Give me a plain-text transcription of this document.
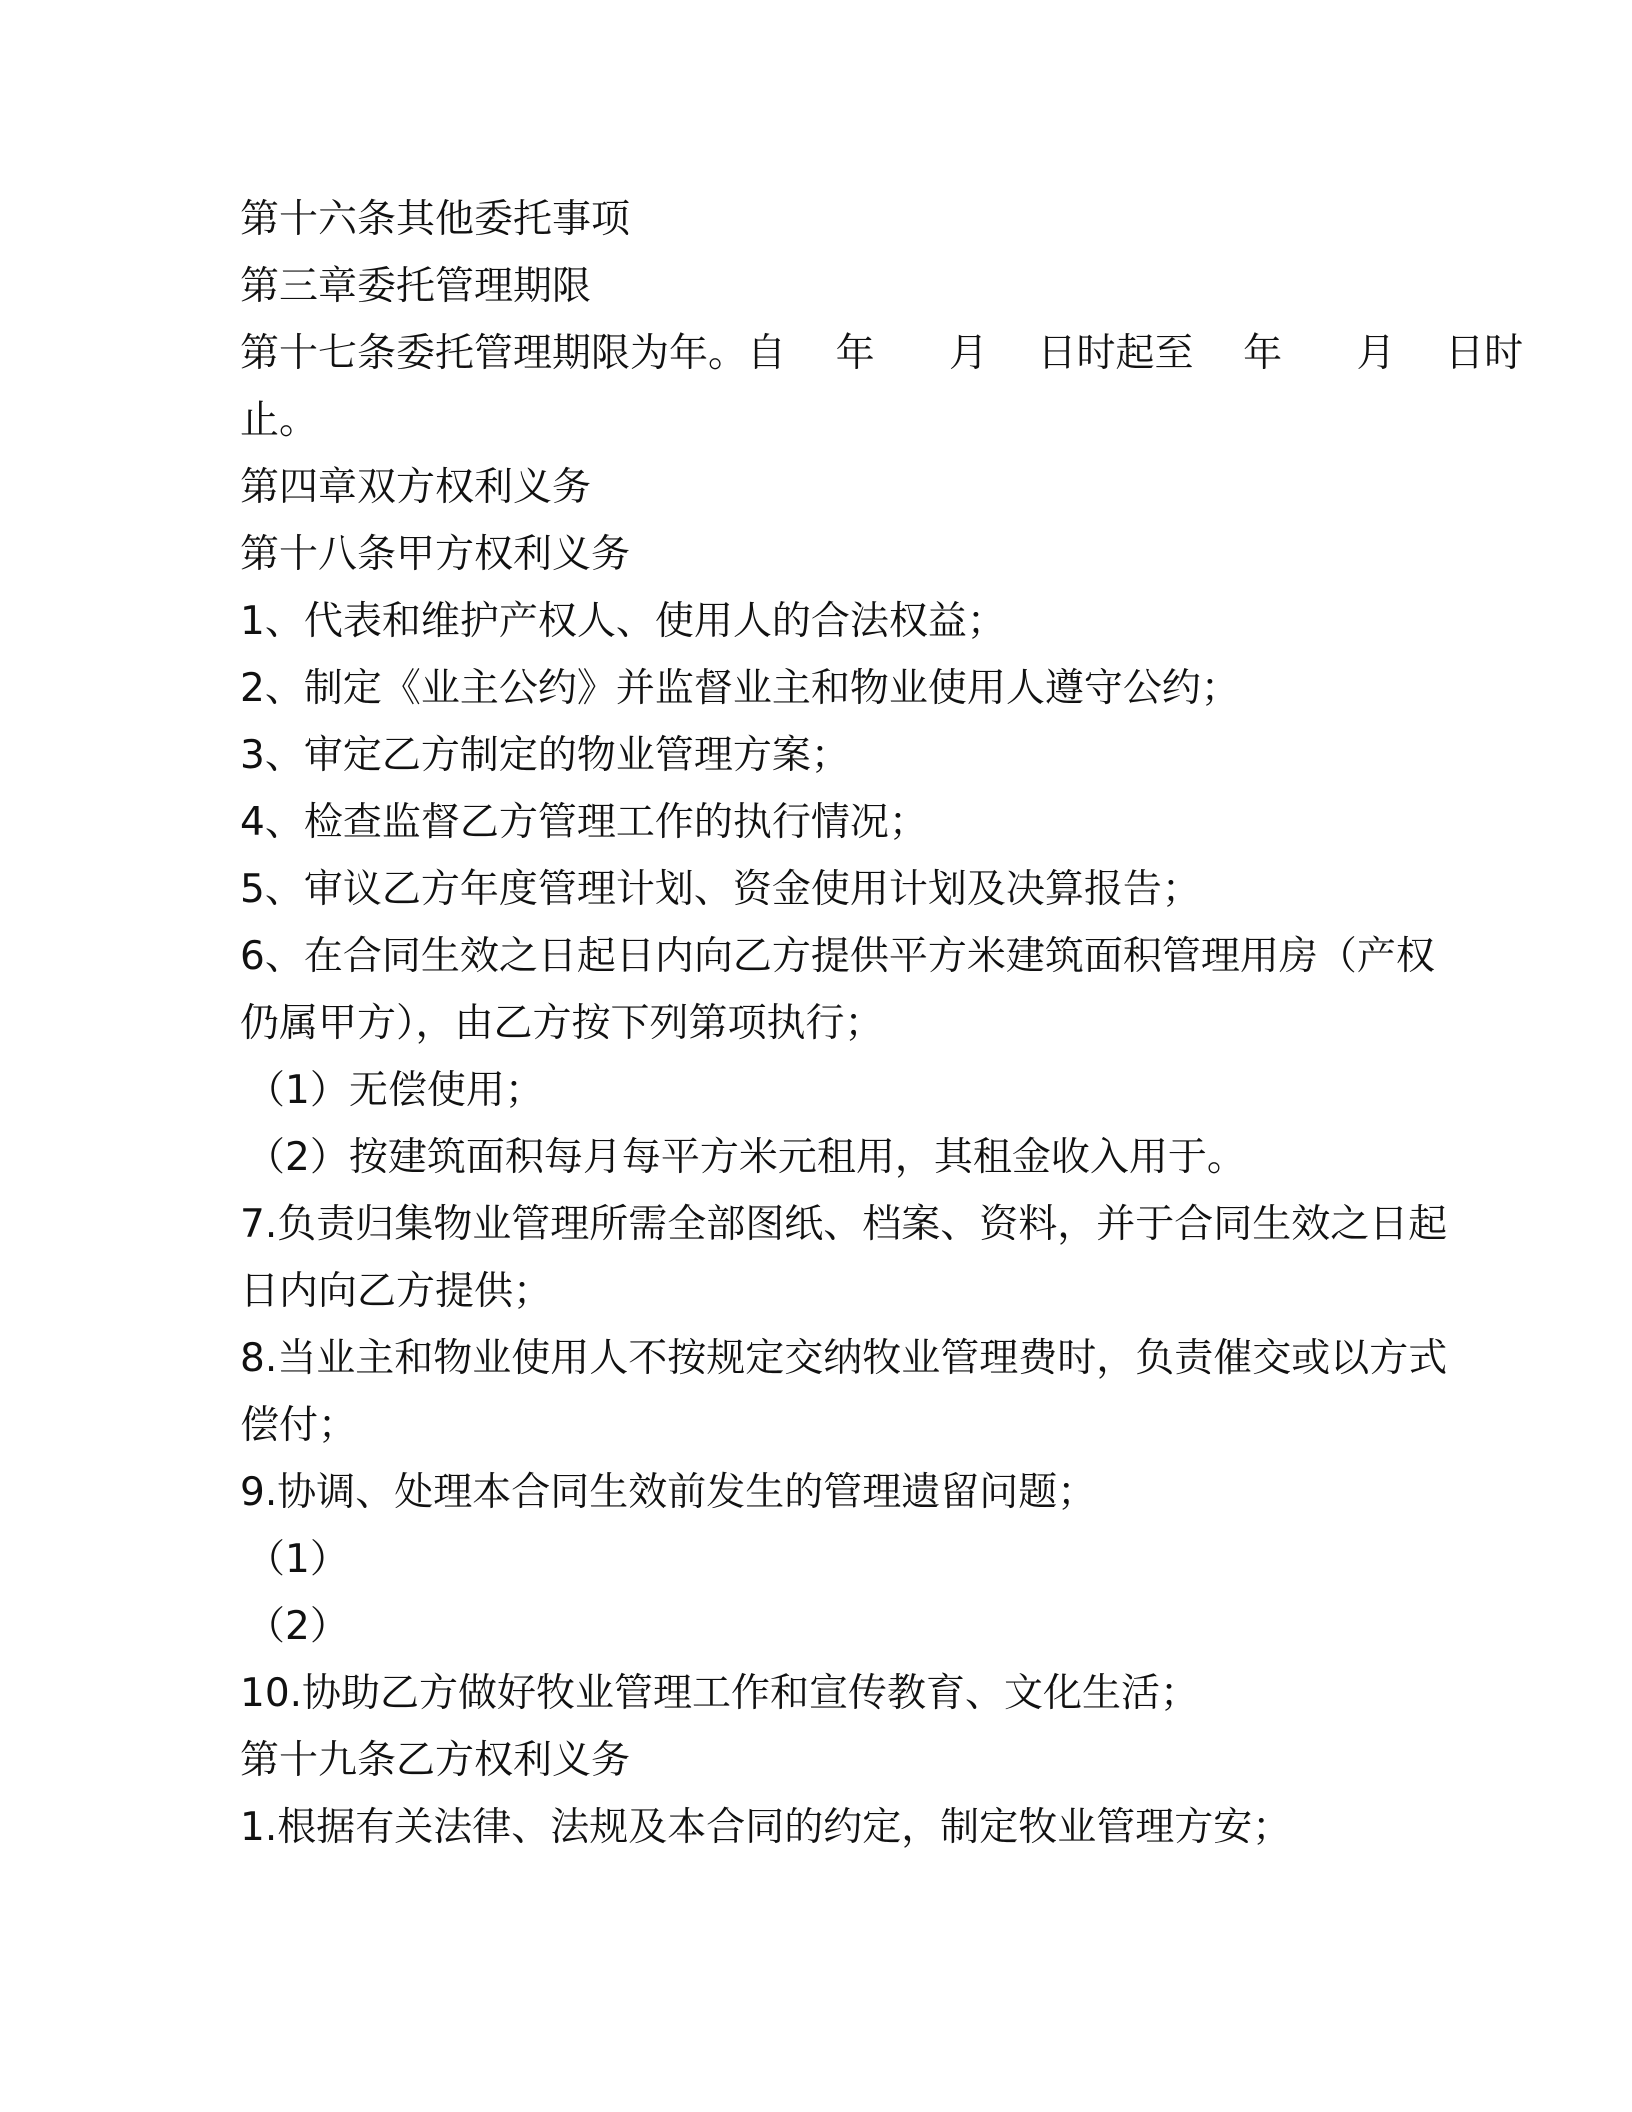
第十六条其他委托事项
第三章委托管理期限
第十七条委托管理期限为年。自    年      月    日时起至    年      月    日时
止。
第四章双方权利义务
第十八条甲方权利义务
1、代表和维护产权人、使用人的合法权益；
2、制定《业主公约》并监督业主和物业使用人遵守公约；
3、审定乙方制定的物业管理方案；
4、检查监督乙方管理工作的执行情况；
5、审议乙方年度管理计划、资金使用计划及决算报告；
6、在合同生效之日起日内向乙方提供平方米建筑面积管理用房（产权
仍属甲方），由乙方按下列第项执行；
（1）无偿使用；
（2）按建筑面积每月每平方米元租用，其租金收入用于。
7.负责归集物业管理所需全部图纸、档案、资料，并于合同生效之日起
日内向乙方提供；
8.当业主和物业使用人不按规定交纳牧业管理费时，负责催交或以方式
偿付；
9.协调、处理本合同生效前发生的管理遗留问题；
（1）
（2）
10.协助乙方做好牧业管理工作和宣传教育、文化生活；
第十九条乙方权利义务
1.根据有关法律、法规及本合同的约定，制定牧业管理方安；
